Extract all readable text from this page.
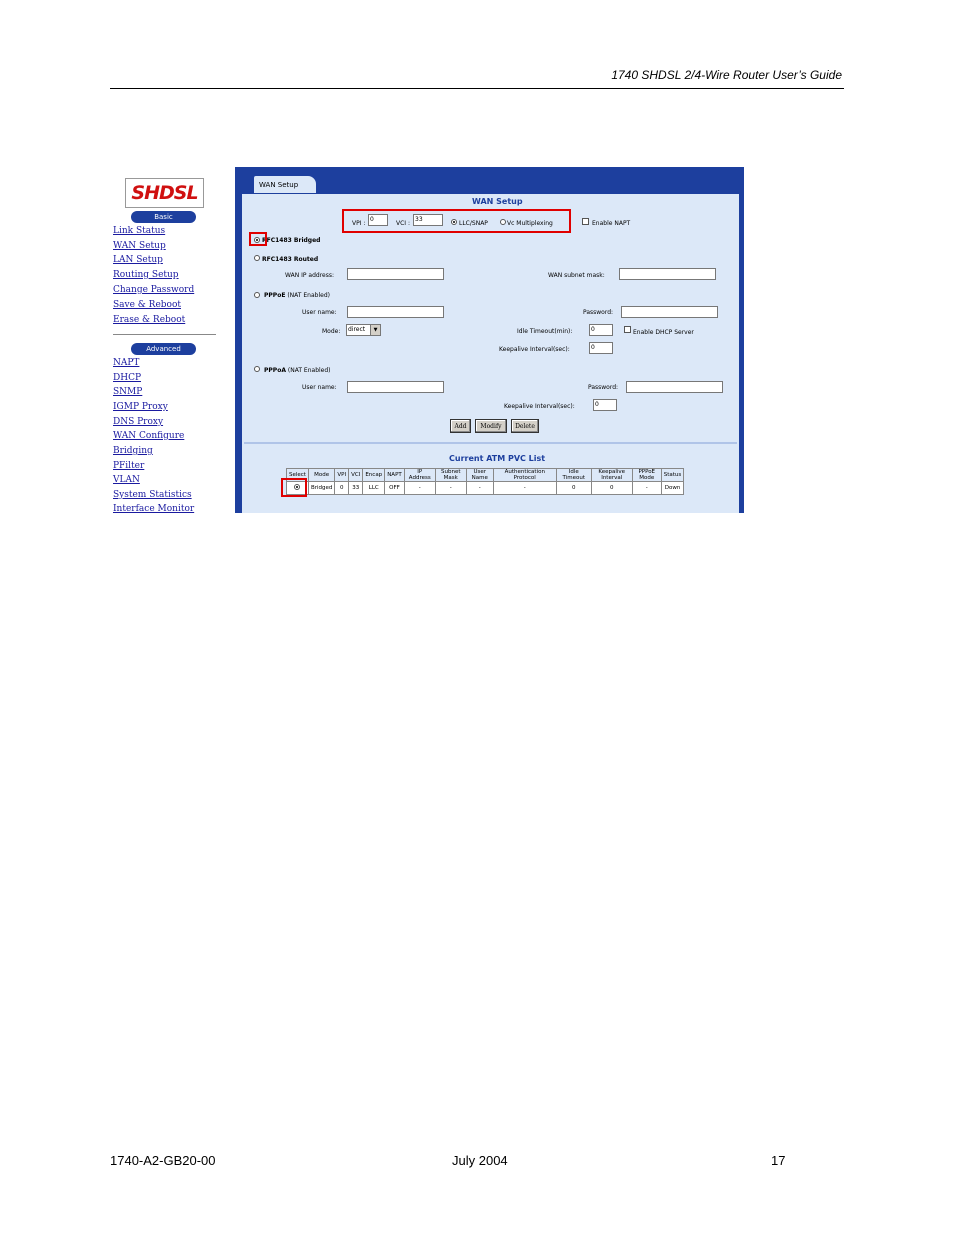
1740 SHDSL 2/4-Wire Router User’s Guide
SHDSL
Basic
Link Status
WAN Setup
LAN Setup
Routing Setup
Change Password
Save & Reboot
Erase & Reboot
Advanced
NAPT
DHCP
SNMP
IGMP Proxy
DNS Proxy
WAN Configure
Bridging
PFilter
VLAN
System Statistics
Interface Monitor
WAN Setup
WAN Setup
VPI :
0
VCI :
33
LLC/SNAP	Vc Multiplexing	Enable NAPT
RFC1483 Bridged
RFC1483 Routed
WAN IP address:	WAN subnet mask:
PPPoE (NAT Enabled)
User name:	Password:
Mode:	direct	▼	Idle Timeout(min):	0	Enable DHCP Server
Keepalive Interval(sec):	0
PPPoA (NAT Enabled)
User name:	Password:
Keepalive Interval(sec):	0
Add	Modify	Delete
Current ATM PVC List
Select	Mode	VPI	VCI	Encap	NAPT	IP Address	Subnet Mask	User Name	Authentication Protocol	Idle Timeout	Keepalive Interval	PPPoE Mode	Status
	Bridged	0	33	LLC	OFF	-	-	-	-	0	0	-	Down
1740-A2-GB20-00	July 2004	17
